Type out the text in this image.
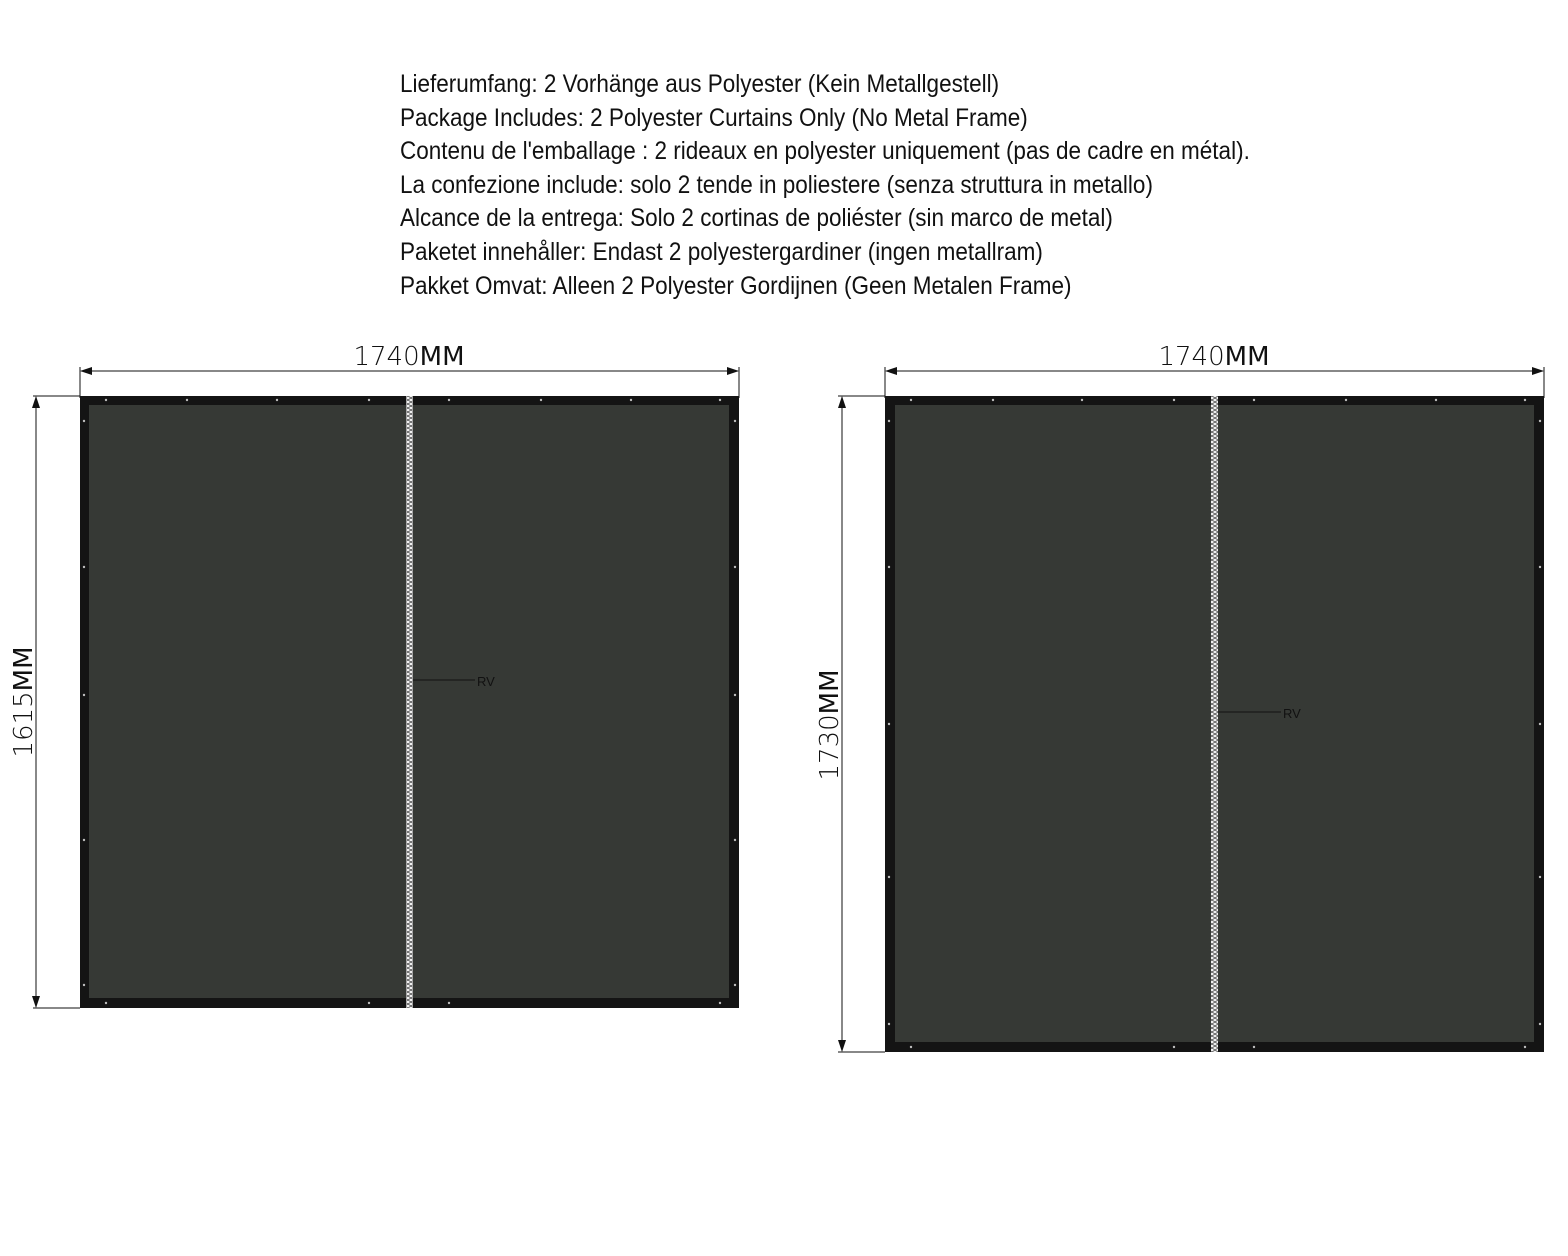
Lieferumfang: 2 Vorhänge aus Polyester (Kein Metallgestell)
Package Includes: 2 Polyester Curtains Only (No Metal Frame)
Contenu de l'emballage : 2 rideaux en polyester uniquement (pas de cadre en métal).
La confezione include: solo 2 tende in poliestere (senza struttura in metallo)
Alcance de la entrega: Solo 2 cortinas de poliéster (sin marco de metal)
Paketet innehåller: Endast 2 polyestergardiner (ingen metallram)
Pakket Omvat: Alleen 2 Polyester Gordijnen (Geen Metalen Frame)
1740MM
1615MM	RV
1740MM
1730MM	RV
